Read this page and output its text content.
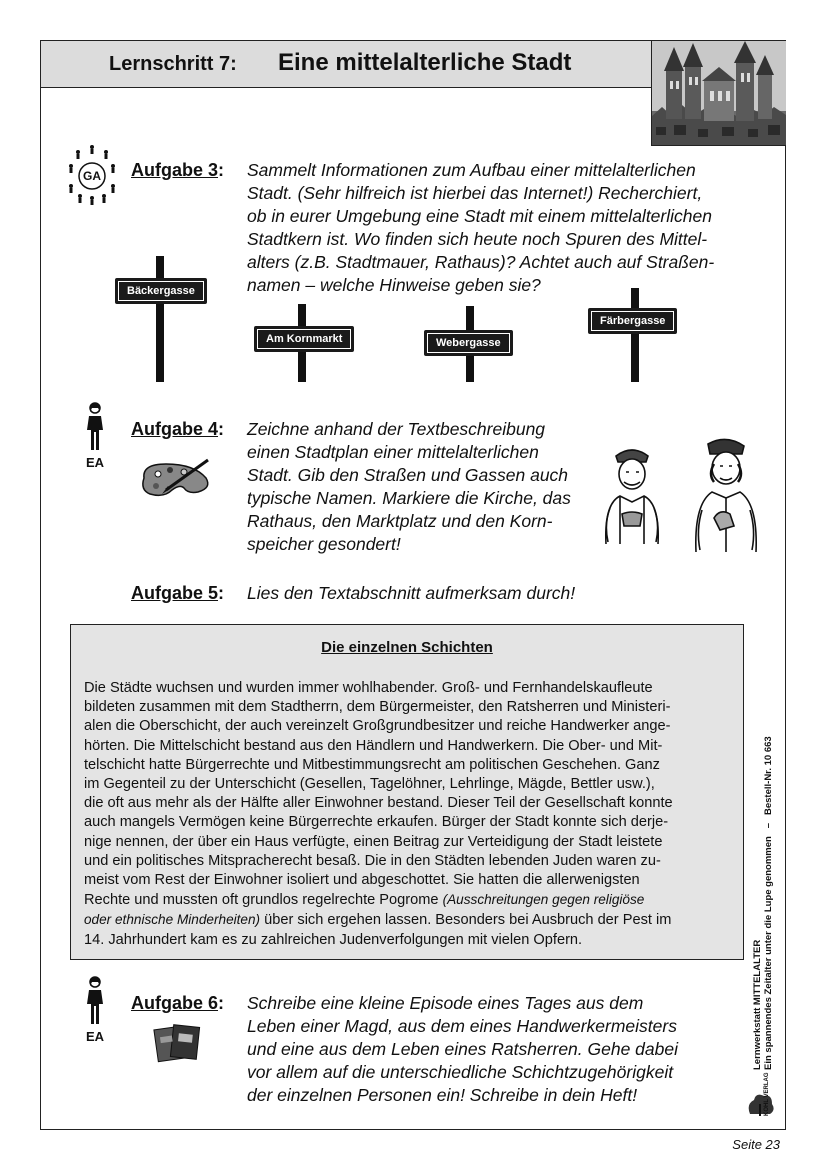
Lernschritt 7: Eine mittelalterliche Stadt
GA	Aufgabe 3: Sammelt Informationen zum Aufbau einer mittelalterlichen
Stadt. (Sehr hilfreich ist hierbei das Internet!) Recherchiert,
ob in eurer Umgebung eine Stadt mit einem mittelalterlichen
Stadtkern ist. Wo finden sich heute noch Spuren des Mittel-
alters (z.B. Stadtmauer, Rathaus)? Achtet auch auf Straßen-
namen – welche Hinweise geben sie?
Bäckergasse
Am Kornmarkt	Webergasse
Färbergasse
EA
Aufgabe 4: Zeichne anhand der Textbeschreibung
einen Stadtplan einer mittelalterlichen
Stadt. Gib den Straßen und Gassen auch
typische Namen. Markiere die Kirche, das
Rathaus, den Marktplatz und den Korn-
speicher gesondert!
Aufgabe 5: Lies den Textabschnitt aufmerksam durch!
Die einzelnen Schichten
Die Städte wuchsen und wurden immer wohlhabender. Groß- und Fernhandelskaufleute
bildeten zusammen mit dem Stadtherrn, dem Bürgermeister, den Ratsherren und Ministeri-
alen die Oberschicht, der auch vereinzelt Großgrundbesitzer und reiche Handwerker ange-
hörten. Die Mittelschicht bestand aus den Händlern und Handwerkern. Die Ober- und Mit-
telschicht hatte Bürgerrechte und Mitbestimmungsrecht am politischen Geschehen. Ganz
im Gegenteil zu der Unterschicht (Gesellen, Tagelöhner, Lehrlinge, Mägde, Bettler usw.),
die oft aus mehr als der Hälfte aller Einwohner bestand. Dieser Teil der Gesellschaft konnte
auch mangels Vermögen keine Bürgerrechte erkaufen. Bürger der Stadt konnte sich derje-
nige nennen, der über ein Haus verfügte, einen Beitrag zur Verteidigung der Stadt leistete
und ein politisches Mitspracherecht besaß. Die in den Städten lebenden Juden waren zu-
meist vom Rest der Einwohner isoliert und abgeschottet. Sie hatten die allerwenigsten
Rechte und mussten oft grundlos regelrechte Pogrome (Ausschreitungen gegen religiöse
oder ethnische Minderheiten) über sich ergehen lassen. Besonders bei Ausbruch der Pest im
14. Jahrhundert kam es zu zahlreichen Judenverfolgungen mit vielen Opfern.
EA
Aufgabe 6: Schreibe eine kleine Episode eines Tages aus dem
Leben einer Magd, aus dem eines Handwerkermeisters
und eine aus dem Leben eines Ratsherren. Gehe dabei
vor allem auf die unterschiedliche Schichtzugehörigkeit
der einzelnen Personen ein! Schreibe in dein Heft!
Lernwerkstatt MITTELALTER Ein spannendes Zeitalter unter die Lupe genommen   –   Bestell-Nr. 10 663
KOHL VERLAG
Seite 23
